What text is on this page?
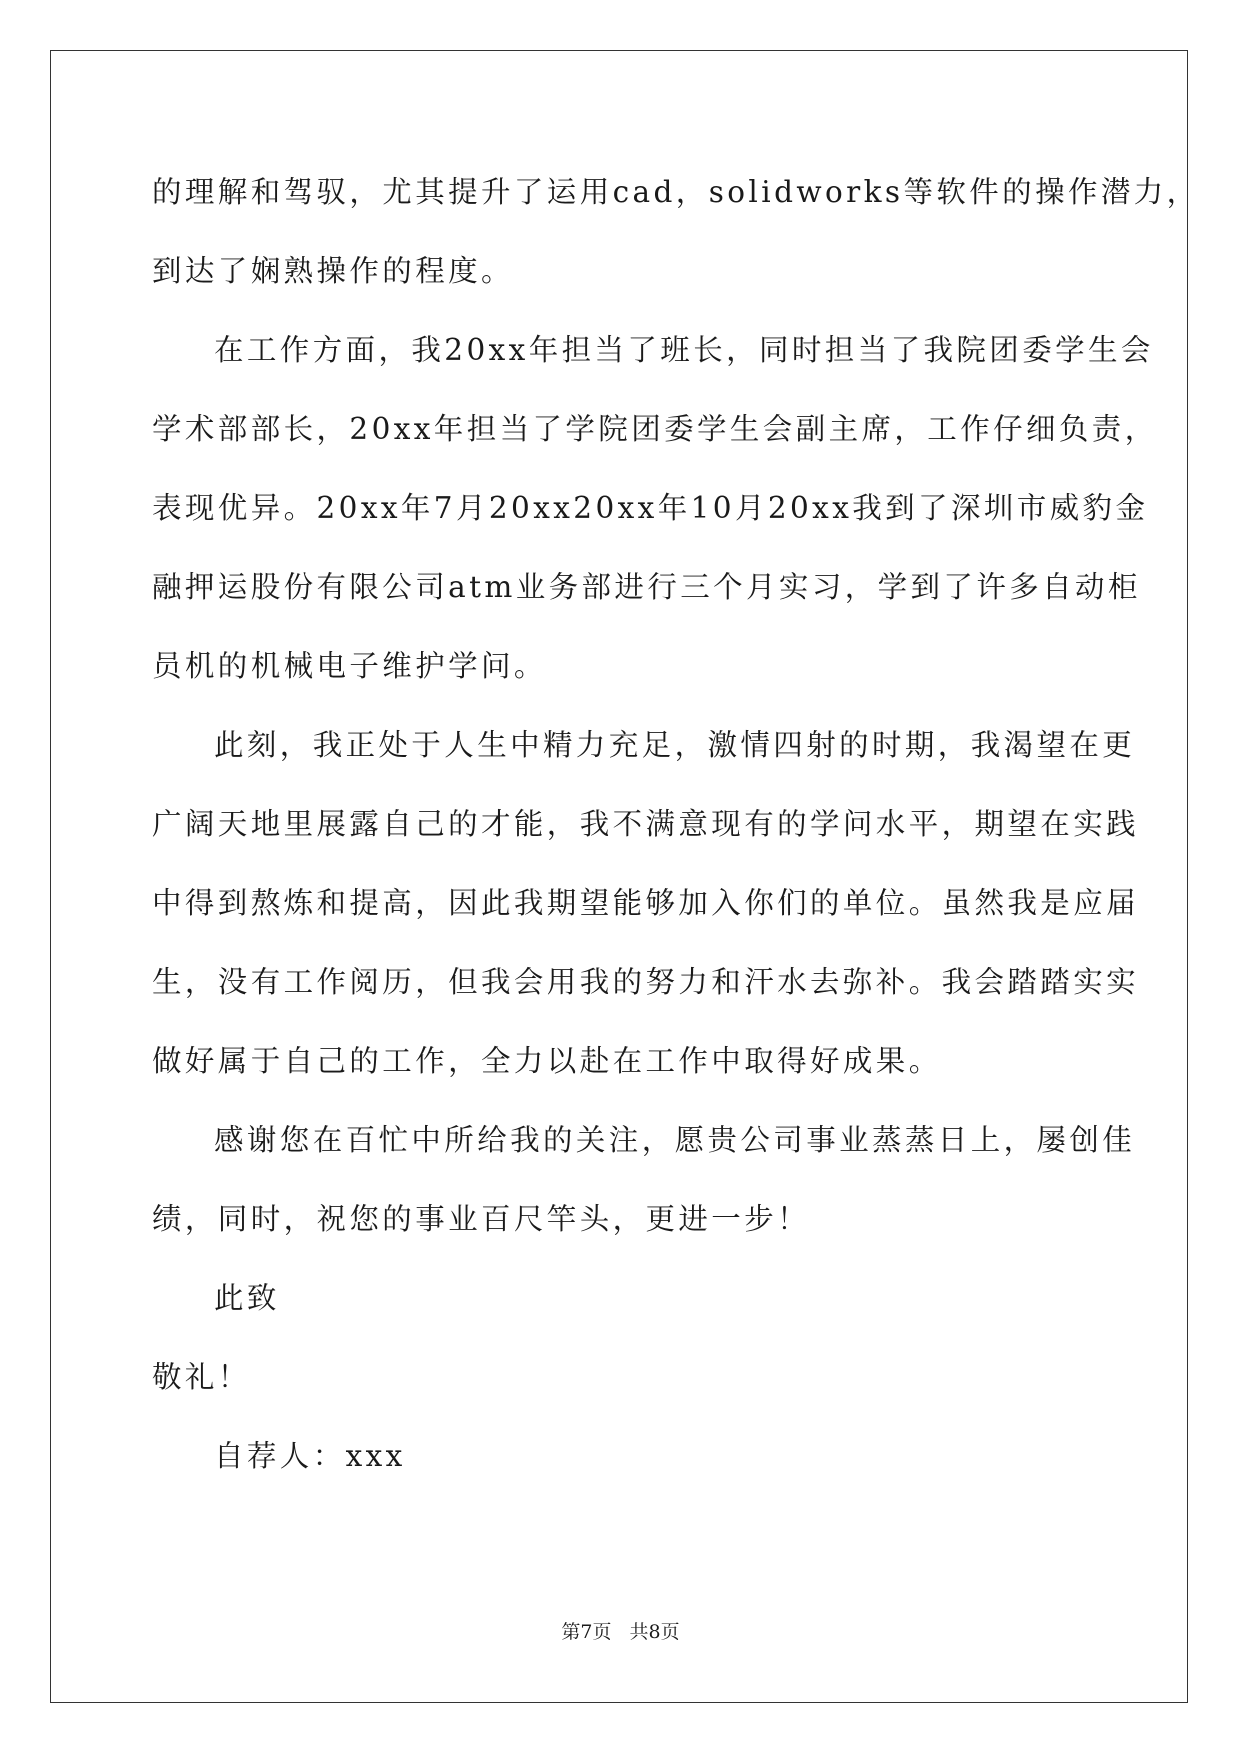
的理解和驾驭，尤其提升了运用cad，solidworks等软件的操作潜力，
到达了娴熟操作的程度。
在工作方面，我20xx年担当了班长，同时担当了我院团委学生会
学术部部长，20xx年担当了学院团委学生会副主席，工作仔细负责，
表现优异。20xx年7月20xx20xx年10月20xx我到了深圳市威豹金
融押运股份有限公司atm业务部进行三个月实习，学到了许多自动柜
员机的机械电子维护学问。
此刻，我正处于人生中精力充足，激情四射的时期，我渴望在更
广阔天地里展露自己的才能，我不满意现有的学问水平，期望在实践
中得到熬炼和提高，因此我期望能够加入你们的单位。虽然我是应届
生，没有工作阅历，但我会用我的努力和汗水去弥补。我会踏踏实实
做好属于自己的工作，全力以赴在工作中取得好成果。
感谢您在百忙中所给我的关注，愿贵公司事业蒸蒸日上，屡创佳
绩，同时，祝您的事业百尺竿头，更进一步！
此致
敬礼！
自荐人：xxx
第7页 共8页
